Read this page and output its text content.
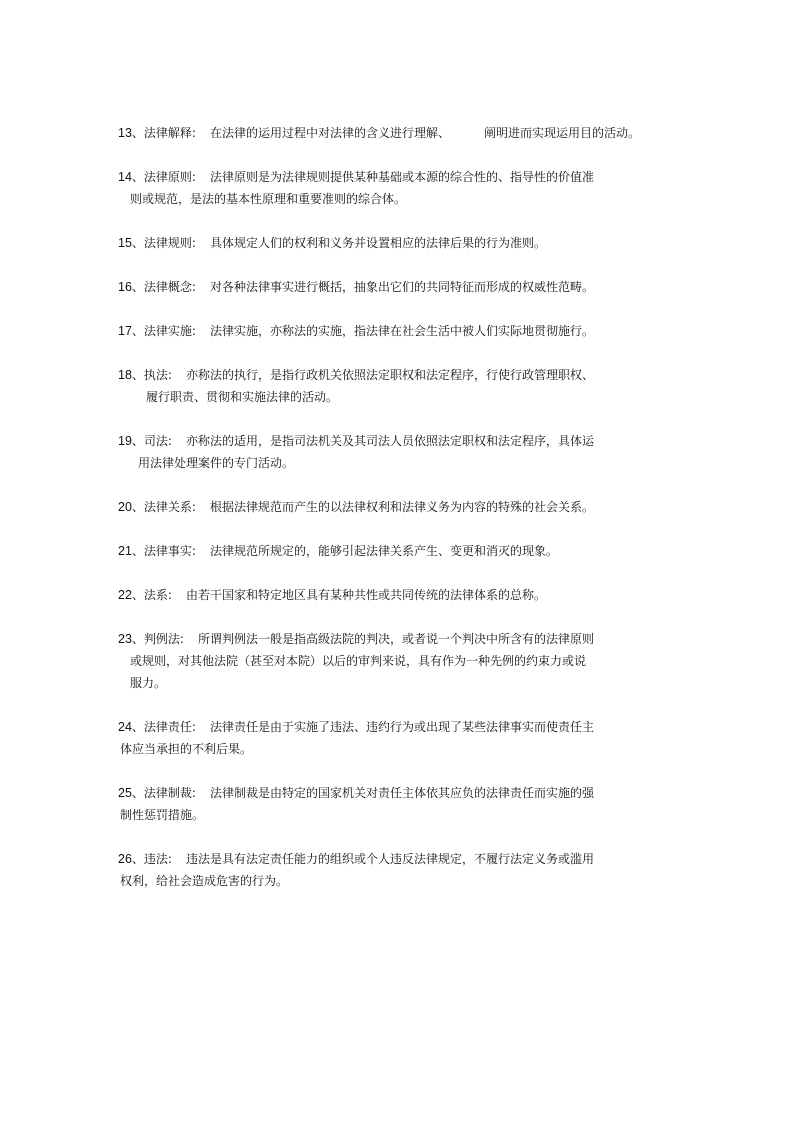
13、法律解释: 在法律的运用过程中对法律的含义进行理解、	阐明进而实现运用目的活动。
14、法律原则: 法律原则是为法律规则提供某种基础或本源的综合性的、指导性的价值准
则或规范，是法的基本性原理和重要准则的综合体。
15、法律规则: 具体规定人们的权利和义务并设置相应的法律后果的行为准则。
16、法律概念: 对各种法律事实进行概括，抽象出它们的共同特征而形成的权威性范畴。
17、法律实施: 法律实施，亦称法的实施，指法律在社会生活中被人们实际地贯彻施行。
18、执法: 亦称法的执行，是指行政机关依照法定职权和法定程序，行使行政管理职权、
履行职责、贯彻和实施法律的活动。
19、司法: 亦称法的适用，是指司法机关及其司法人员依照法定职权和法定程序，具体运
用法律处理案件的专门活动。
20、法律关系: 根据法律规范而产生的以法律权利和法律义务为内容的特殊的社会关系。
21、法律事实: 法律规范所规定的，能够引起法律关系产生、变更和消灭的现象。
22、法系: 由若干国家和特定地区具有某种共性或共同传统的法律体系的总称。
23、判例法: 所谓判例法一般是指高级法院的判决，或者说一个判决中所含有的法律原则
或规则，对其他法院（甚至对本院）以后的审判来说，具有作为一种先例的约束力或说
服力。
24、法律责任: 法律责任是由于实施了违法、违约行为或出现了某些法律事实而使责任主
体应当承担的不利后果。
25、法律制裁: 法律制裁是由特定的国家机关对责任主体依其应负的法律责任而实施的强
制性惩罚措施。
26、违法: 违法是具有法定责任能力的组织或个人违反法律规定，不履行法定义务或滥用
权利，给社会造成危害的行为。
